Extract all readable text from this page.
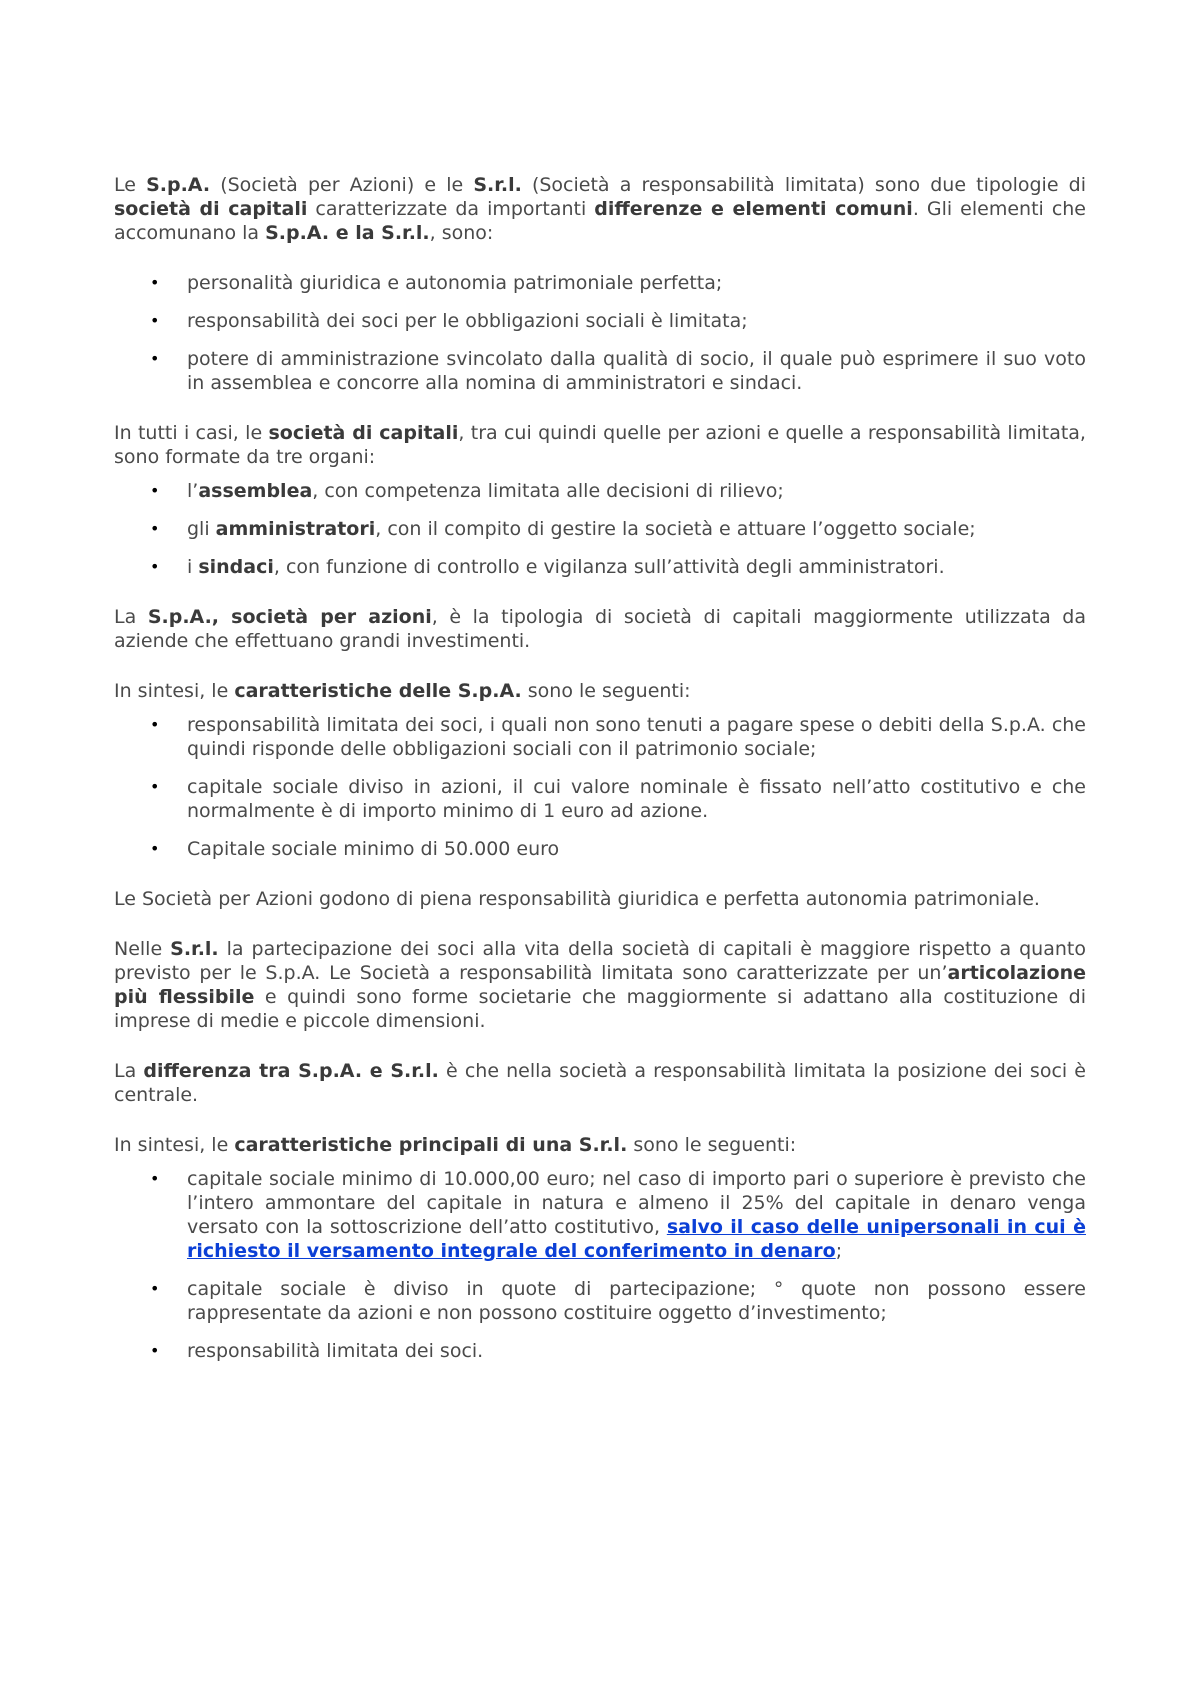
Le S.p.A. (Società per Azioni) e le S.r.l. (Società a responsabilità limitata) sono due tipologie di società di capitali caratterizzate da importanti differenze e elementi comuni. Gli elementi che accomunano la S.p.A. e la S.r.l., sono:

• personalità giuridica e autonomia patrimoniale perfetta;
• responsabilità dei soci per le obbligazioni sociali è limitata;
• potere di amministrazione svincolato dalla qualità di socio, il quale può esprimere il suo voto in assemblea e concorre alla nomina di amministratori e sindaci.

In tutti i casi, le società di capitali, tra cui quindi quelle per azioni e quelle a responsabilità limitata, sono formate da tre organi:

• l’assemblea, con competenza limitata alle decisioni di rilievo;
• gli amministratori, con il compito di gestire la società e attuare l’oggetto sociale;
• i sindaci, con funzione di controllo e vigilanza sull’attività degli amministratori.

La S.p.A., società per azioni, è la tipologia di società di capitali maggiormente utilizzata da aziende che effettuano grandi investimenti.

In sintesi, le caratteristiche delle S.p.A. sono le seguenti:

• responsabilità limitata dei soci, i quali non sono tenuti a pagare spese o debiti della S.p.A. che quindi risponde delle obbligazioni sociali con il patrimonio sociale;
• capitale sociale diviso in azioni, il cui valore nominale è fissato nell’atto costitutivo e che normalmente è di importo minimo di 1 euro ad azione.
• Capitale sociale minimo di 50.000 euro

Le Società per Azioni godono di piena responsabilità giuridica e perfetta autonomia patrimoniale.

Nelle S.r.l. la partecipazione dei soci alla vita della società di capitali è maggiore rispetto a quanto previsto per le S.p.A. Le Società a responsabilità limitata sono caratterizzate per un’articolazione più flessibile e quindi sono forme societarie che maggiormente si adattano alla costituzione di imprese di medie e piccole dimensioni.

La differenza tra S.p.A. e S.r.l. è che nella società a responsabilità limitata la posizione dei soci è centrale.

In sintesi, le caratteristiche principali di una S.r.l. sono le seguenti:

• capitale sociale minimo di 10.000,00 euro; nel caso di importo pari o superiore è previsto che l’intero ammontare del capitale in natura e almeno il 25% del capitale in denaro venga versato con la sottoscrizione dell’atto costitutivo, salvo il caso delle unipersonali in cui è richiesto il versamento integrale del conferimento in denaro;
• capitale sociale è diviso in quote di partecipazione; ° quote non possono essere rappresentate da azioni e non possono costituire oggetto d’investimento;
• responsabilità limitata dei soci.
